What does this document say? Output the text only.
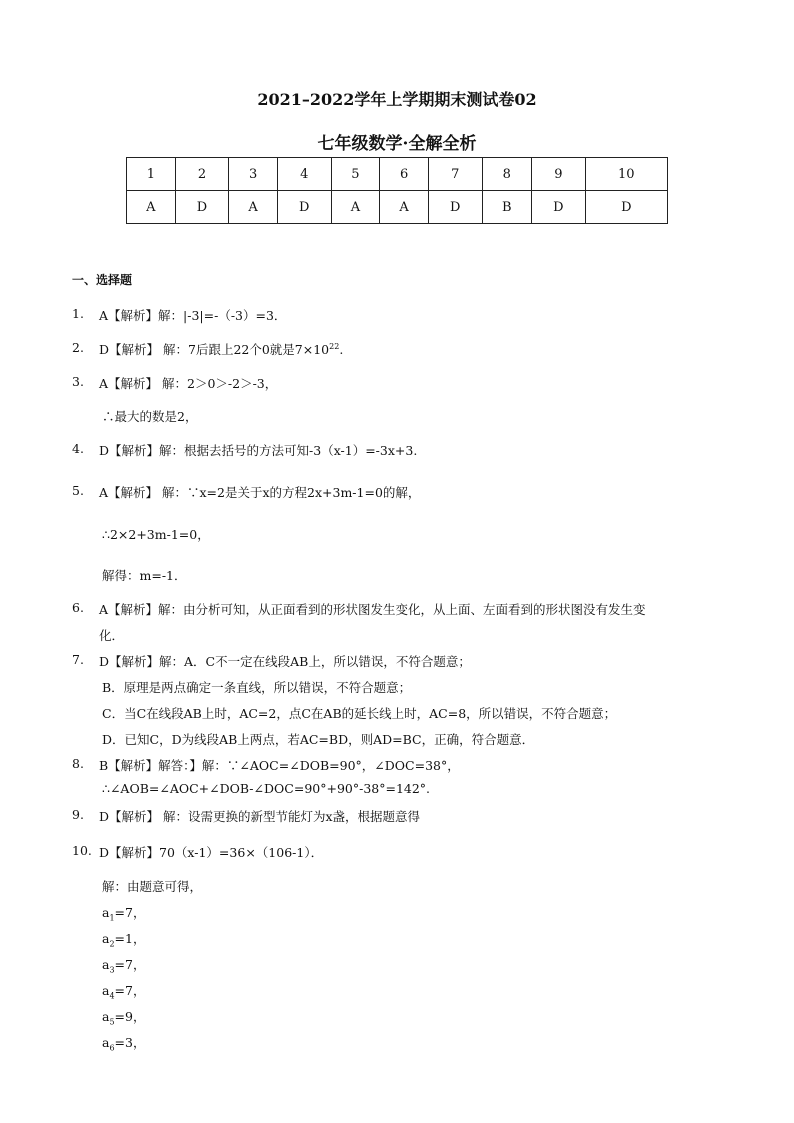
2021–2022学年上学期期末测试卷02
七年级数学·全解全析
1	2	3	4	5	6	7	8	9	10
A	D	A	D	A	A	D	B	D	D
一、选择题
1. A【解析】解：|-3|=-（-3）=3．
2. D【解析】 解：7后跟上22个0就是$7\times 10^{22}$.
3. A【解析】 解：2＞0＞-2＞-3，
∴最大的数是2，
4. D【解析】解：根据去括号的方法可知-3（x-1）=-3x+3.
5. A【解析】 解：∵x=2是关于x的方程2x+3m-1=0的解，
∴2×2+3m-1=0，
解得：m=-1．
6. A【解析】解：由分析可知，从正面看到的形状图发生变化，从上面、左面看到的形状图没有发生变
化．
7. D【解析】解：A．C不一定在线段AB上，所以错误，不符合题意；
B．原理是两点确定一条直线，所以错误，不符合题意；
C．当C在线段AB上时，AC=2，点C在AB的延长线上时，AC=8，所以错误，不符合题意；
D．已知C，D为线段AB上两点，若AC=BD，则AD=BC，正确，符合题意．
8. B【解析】解答：】解：∵∠AOC=∠DOB=90°，∠DOC=38°，
∴∠AOB=∠AOC+∠DOB-∠DOC=90°+90°-38°=142°.
9. D【解析】 解：设需更换的新型节能灯为x盏，根据题意得
10. D【解析】70（x-1）=36×（106-1）．
解：由题意可得，
$a_1=7$，
$a_2=1$，
$a_3=7$，
$a_4=7$，
$a_5=9$，
$a_6=3$，
